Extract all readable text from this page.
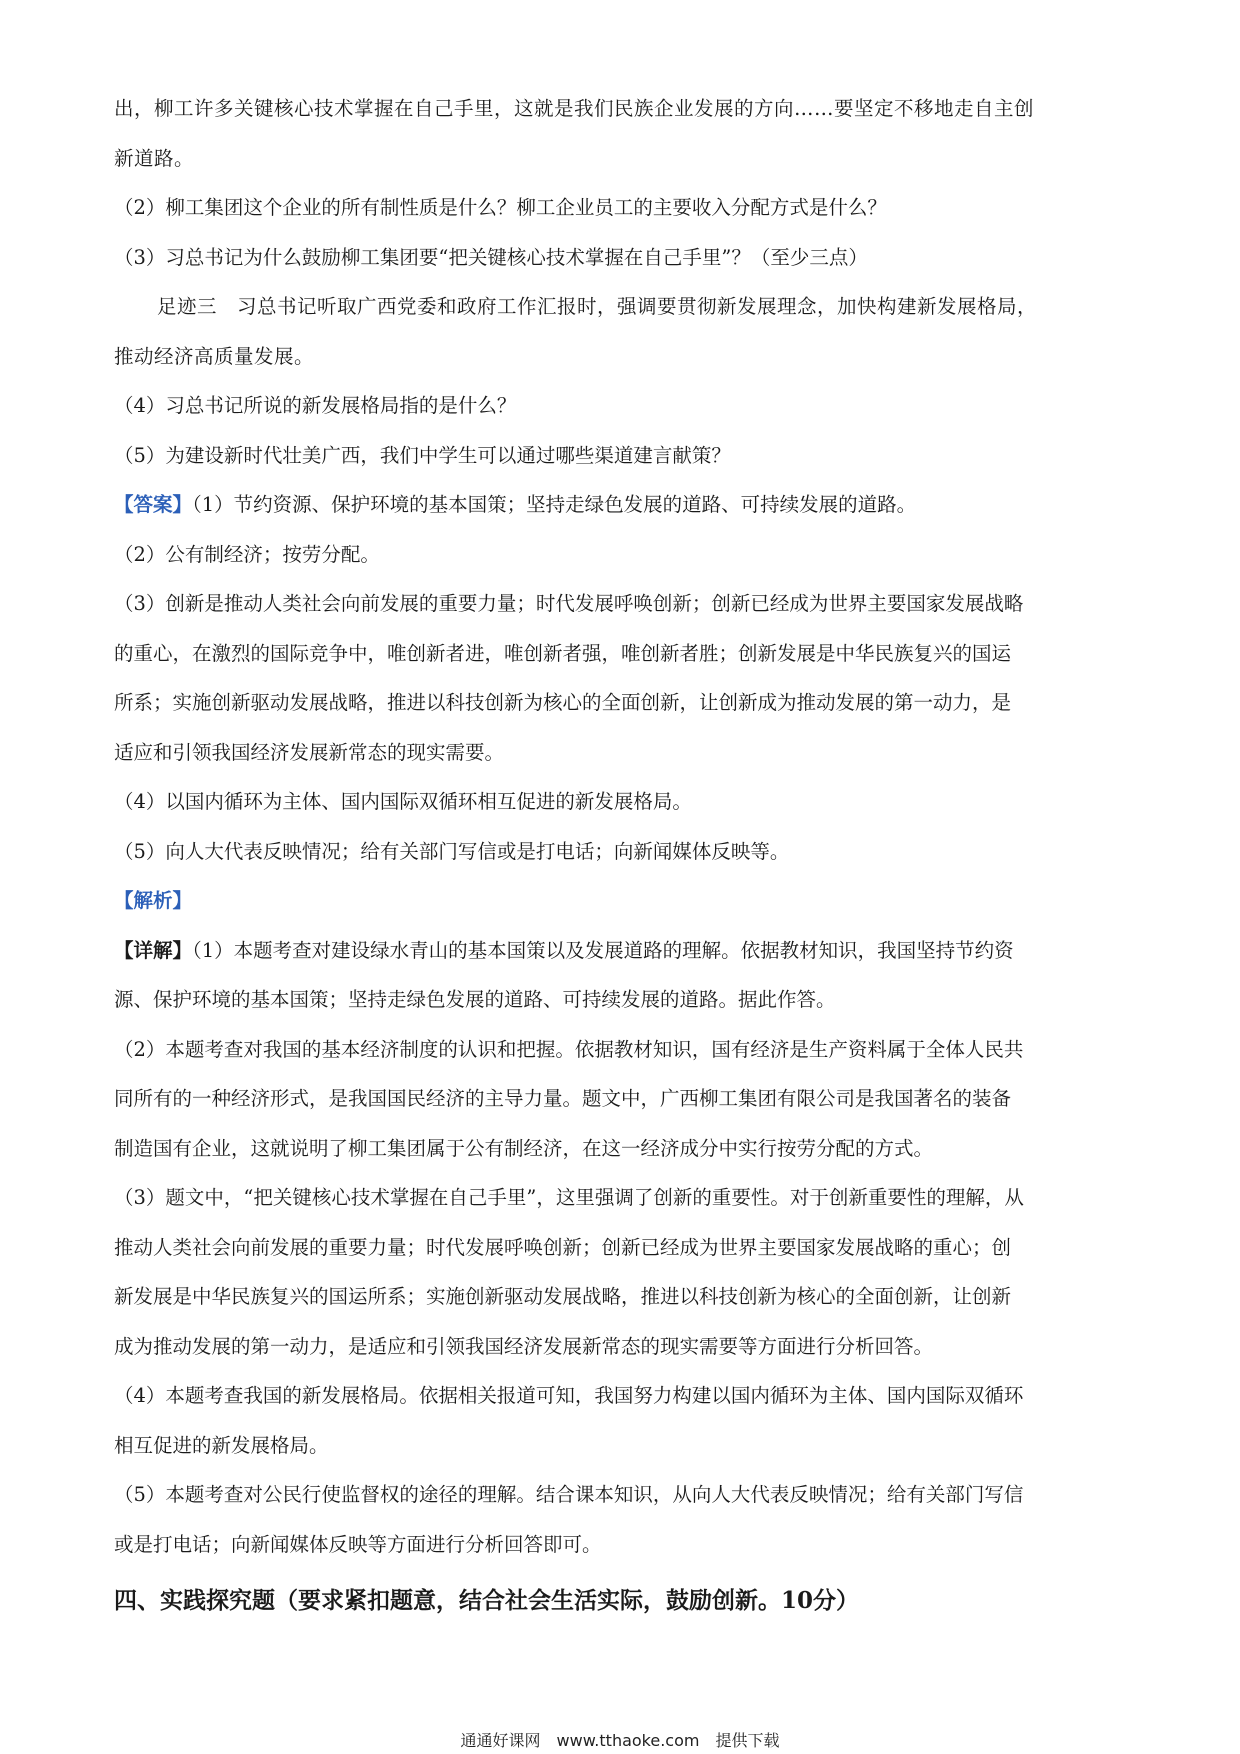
出，柳工许多关键核心技术掌握在自己手里，这就是我们民族企业发展的方向……要坚定不移地走自主创
新道路。
（2）柳工集团这个企业的所有制性质是什么？柳工企业员工的主要收入分配方式是什么？
（3）习总书记为什么鼓励柳工集团要“把关键核心技术掌握在自己手里”？（至少三点）
足迹三　习总书记听取广西党委和政府工作汇报时，强调要贯彻新发展理念，加快构建新发展格局，
推动经济高质量发展。
（4）习总书记所说的新发展格局指的是什么？
（5）为建设新时代壮美广西，我们中学生可以通过哪些渠道建言献策？
【答案】（1）节约资源、保护环境的基本国策；坚持走绿色发展的道路、可持续发展的道路。
（2）公有制经济；按劳分配。
（3）创新是推动人类社会向前发展的重要力量；时代发展呼唤创新；创新已经成为世界主要国家发展战略
的重心，在激烈的国际竞争中，唯创新者进，唯创新者强，唯创新者胜；创新发展是中华民族复兴的国运
所系；实施创新驱动发展战略，推进以科技创新为核心的全面创新，让创新成为推动发展的第一动力，是
适应和引领我国经济发展新常态的现实需要。
（4）以国内循环为主体、国内国际双循环相互促进的新发展格局。
（5）向人大代表反映情况；给有关部门写信或是打电话；向新闻媒体反映等。
【解析】
【详解】（1）本题考查对建设绿水青山的基本国策以及发展道路的理解。依据教材知识，我国坚持节约资
源、保护环境的基本国策；坚持走绿色发展的道路、可持续发展的道路。据此作答。
（2）本题考查对我国的基本经济制度的认识和把握。依据教材知识，国有经济是生产资料属于全体人民共
同所有的一种经济形式，是我国国民经济的主导力量。题文中，广西柳工集团有限公司是我国著名的装备
制造国有企业，这就说明了柳工集团属于公有制经济，在这一经济成分中实行按劳分配的方式。
（3）题文中，“把关键核心技术掌握在自己手里”，这里强调了创新的重要性。对于创新重要性的理解，从
推动人类社会向前发展的重要力量；时代发展呼唤创新；创新已经成为世界主要国家发展战略的重心；创
新发展是中华民族复兴的国运所系；实施创新驱动发展战略，推进以科技创新为核心的全面创新，让创新
成为推动发展的第一动力，是适应和引领我国经济发展新常态的现实需要等方面进行分析回答。
（4）本题考查我国的新发展格局。依据相关报道可知，我国努力构建以国内循环为主体、国内国际双循环
相互促进的新发展格局。
（5）本题考查对公民行使监督权的途径的理解。结合课本知识，从向人大代表反映情况；给有关部门写信
或是打电话；向新闻媒体反映等方面进行分析回答即可。
四、实践探究题（要求紧扣题意，结合社会生活实际，鼓励创新。10分）
通通好课网　www.tthaoke.com　提供下载
